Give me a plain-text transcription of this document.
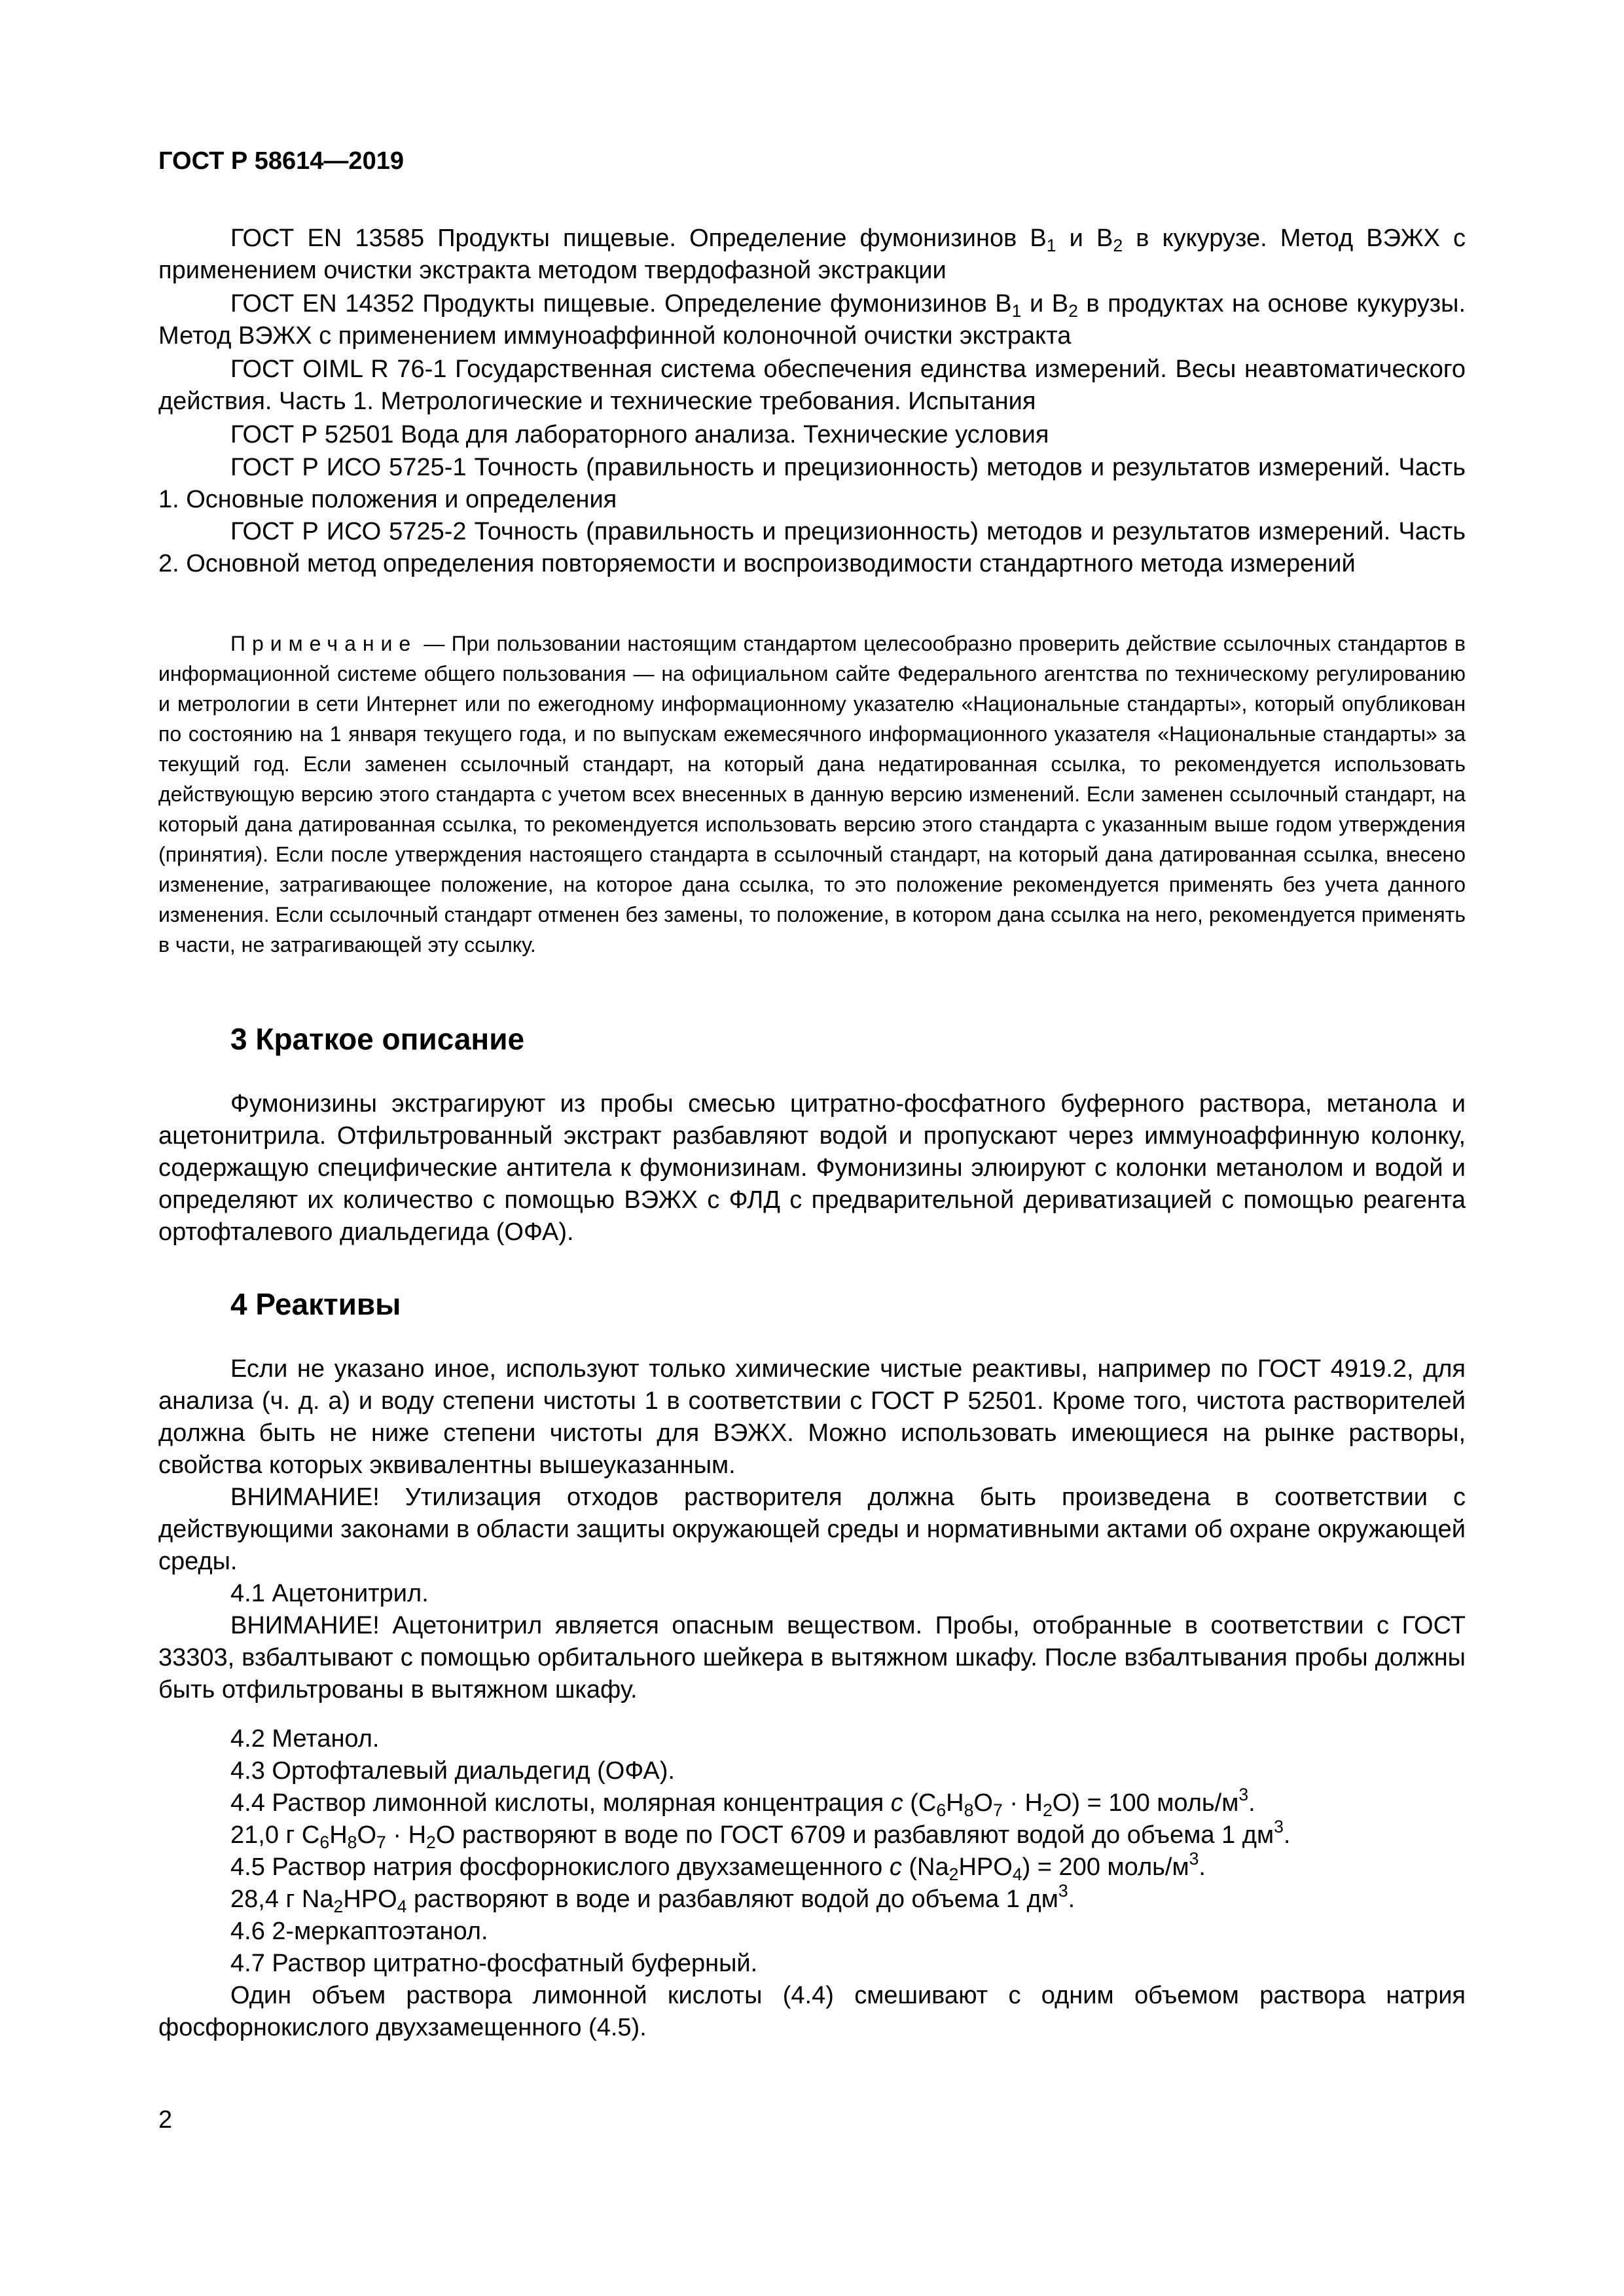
ГОСТ Р 58614—2019

ГОСТ EN 13585 Продукты пищевые. Определение фумонизинов $B_1$ и $B_2$ в кукурузе. Метод ВЭЖХ с применением очистки экстракта методом твердофазной экстракции

ГОСТ EN 14352 Продукты пищевые. Определение фумонизинов $B_1$ и $B_2$ в продуктах на основе кукурузы. Метод ВЭЖХ с применением иммуноаффинной колоночной очистки экстракта

ГОСТ OIML R 76-1 Государственная система обеспечения единства измерений. Весы неавтоматического действия. Часть 1. Метрологические и технические требования. Испытания

ГОСТ Р 52501 Вода для лабораторного анализа. Технические условия

ГОСТ Р ИСО 5725-1 Точность (правильность и прецизионность) методов и результатов измерений. Часть 1. Основные положения и определения

ГОСТ Р ИСО 5725-2 Точность (правильность и прецизионность) методов и результатов измерений. Часть 2. Основной метод определения повторяемости и воспроизводимости стандартного метода измерений

Примечание — При пользовании настоящим стандартом целесообразно проверить действие ссылочных стандартов в информационной системе общего пользования — на официальном сайте Федерального агентства по техническому регулированию и метрологии в сети Интернет или по ежегодному информационному указателю «Национальные стандарты», который опубликован по состоянию на 1 января текущего года, и по выпускам ежемесячного информационного указателя «Национальные стандарты» за текущий год. Если заменен ссылочный стандарт, на который дана недатированная ссылка, то рекомендуется использовать действующую версию этого стандарта с учетом всех внесенных в данную версию изменений. Если заменен ссылочный стандарт, на который дана датированная ссылка, то рекомендуется использовать версию этого стандарта с указанным выше годом утверждения (принятия). Если после утверждения настоящего стандарта в ссылочный стандарт, на который дана датированная ссылка, внесено изменение, затрагивающее положение, на которое дана ссылка, то это положение рекомендуется применять без учета данного изменения. Если ссылочный стандарт отменен без замены, то положение, в котором дана ссылка на него, рекомендуется применять в части, не затрагивающей эту ссылку.

3 Краткое описание

Фумонизины экстрагируют из пробы смесью цитратно-фосфатного буферного раствора, метанола и ацетонитрила. Отфильтрованный экстракт разбавляют водой и пропускают через иммуноаффинную колонку, содержащую специфические антитела к фумонизинам. Фумонизины элюируют с колонки метанолом и водой и определяют их количество с помощью ВЭЖХ с ФЛД с предварительной дериватизацией с помощью реагента ортофталевого диальдегида (ОФА).

4 Реактивы

Если не указано иное, используют только химические чистые реактивы, например по ГОСТ 4919.2, для анализа (ч. д. а) и воду степени чистоты 1 в соответствии с ГОСТ Р 52501. Кроме того, чистота растворителей должна быть не ниже степени чистоты для ВЭЖХ. Можно использовать имеющиеся на рынке растворы, свойства которых эквивалентны вышеуказанным.

ВНИМАНИЕ! Утилизация отходов растворителя должна быть произведена в соответствии с действующими законами в области защиты окружающей среды и нормативными актами об охране окружающей среды.

4.1 Ацетонитрил.

ВНИМАНИЕ! Ацетонитрил является опасным веществом. Пробы, отобранные в соответствии с ГОСТ 33303, взбалтывают с помощью орбитального шейкера в вытяжном шкафу. После взбалтывания пробы должны быть отфильтрованы в вытяжном шкафу.

4.2 Метанол.

4.3 Ортофталевый диальдегид (ОФА).

4.4 Раствор лимонной кислоты, молярная концентрация c $(C_6H_8O_7 \cdot H_2O) = 100$ моль/$м^3$.

21,0 г $C_6H_8O_7 \cdot H_2O$ растворяют в воде по ГОСТ 6709 и разбавляют водой до объема 1 $дм^3$.

4.5 Раствор натрия фосфорнокислого двухзамещенного c $(Na_2HPO_4) = 200$ моль/$м^3$.

28,4 г $Na_2HPO_4$ растворяют в воде и разбавляют водой до объема 1 $дм^3$.

4.6 2-меркаптоэтанол.

4.7 Раствор цитратно-фосфатный буферный.

Один объем раствора лимонной кислоты (4.4) смешивают с одним объемом раствора натрия фосфорнокислого двухзамещенного (4.5).

2
